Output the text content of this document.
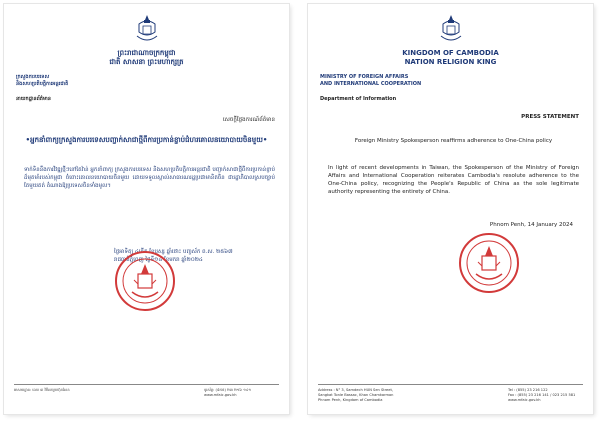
ព្រះរាជាណាចក្រកម្ពុជា
ជាតិ សាសនា ព្រះមហាក្សត្រ
ក្រសួងការបរទេស
និងសហប្រតិបត្តិការអន្តរជាតិ
នាយកដ្ឋានព័ត៌មាន
សេចក្តីថ្លែងការណ៍ព័ត៌មាន
•អ្នកនាំពាក្យក្រសួងការបរទេសបញ្ជាក់សាជាថ្មីពីការប្រកាន់ខ្ជាប់ជំហរគោលនយោបាយចិនមួយ•
ទាក់ទិននឹងការវិវឌ្ឍថ្មីៗនៅតៃវ៉ាន់ អ្នកនាំពាក្យ ក្រសួងការបរទេស និងសហប្រតិបត្តិការអន្តរជាតិ បញ្ជាក់សាជាថ្មីពីការប្រកាន់ខ្ជាប់ដ៏មុតមាំរបស់កម្ពុជា ចំពោះគោលនយោបាយចិនមួយ ដោយទទួលស្គាល់សាធារណរដ្ឋប្រជាមានិតចិន ជារដ្ឋាភិបាលស្របច្បាប់តែមួយគត់ តំណាងឱ្យប្រទេសចិនទាំងមូល។
ថ្ងៃអាទិត្យ ៤កើត ខែបុស្ស ឆ្នាំថោះ បញ្ចស័ក ព.ស. ២៥៦៧
រាជធានីភ្នំពេញ ថ្ងៃទី១៤ ខែមករា ឆ្នាំ២០២៤
អាសយដ្ឋាន: លេខ ៣ វិថីសម្តេចហ៊ុនសែន	ទូរស័ព្ទ: (៨៥៥) ២៣ ២១៦ ១៤១
www.mfaic.gov.kh
KINGDOM OF CAMBODIA
NATION RELIGION KING
MINISTRY OF FOREIGN AFFAIRS
AND INTERNATIONAL COOPERATION
Department of Information
PRESS STATEMENT
Foreign Ministry Spokesperson reaffirms adherence to One-China policy
In light of recent developments in Taiwan, the Spokesperson of the Ministry of Foreign Affairs and International Cooperation reiterates Cambodia's resolute adherence to the One-China policy, recognizing the People's Republic of China as the sole legitimate authority representing the entirety of China.
Phnom Penh, 14 January 2024
Address : N° 3, Samdech HUN Sen Street,
Sangkat Tonle Bassac, Khan Chamkarmon
Phnom Penh, Kingdom of Cambodia
Tel : (855) 23 216 122
Fax : (855) 23 216 141 / 023 215 581
www.mfaic.gov.kh
